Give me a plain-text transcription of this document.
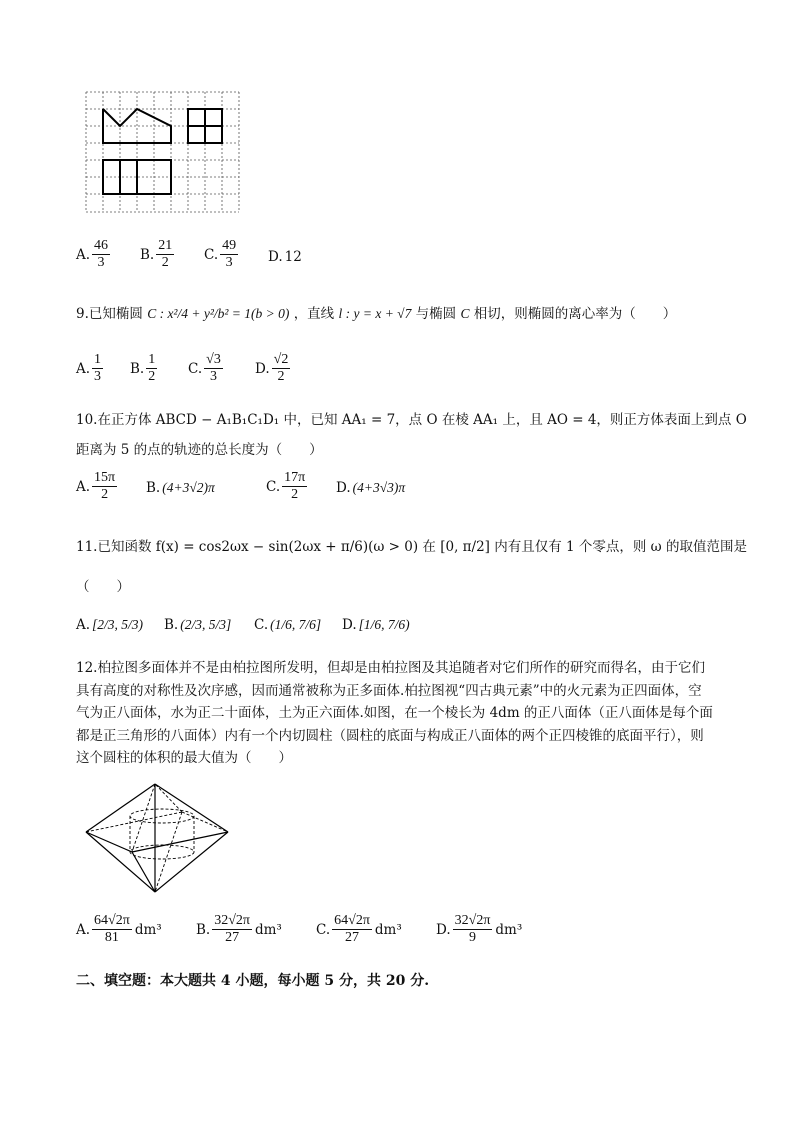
A. $\frac{46}{3} B$. $\frac{21}{2} C$. $\frac{49}{3} D$. 12
9.已知椭圆 C : x²/4 + y²/b² = 1(b > 0) ，直线 l : y = x + √7 与椭圆 C 相切，则椭圆的离心率为（　　）
A. $\frac{1}{3} B$. $\frac{1}{2} C$. $\frac{√3}{3} D$. $\frac{√2}{2}$
10.在正方体 ABCD − A₁B₁C₁D₁ 中，已知 AA₁ = 7，点 O 在棱 AA₁ 上，且 AO = 4，则正方体表面上到点 O
距离为 5 的点的轨迹的总长度为（　　）
A. $\frac{15\pi}{2} B$. (4+3√2)π	C. $\frac{17\pi}{2} D$. (4+3√3)π
11.已知函数 f(x) = cos2ωx − sin(2ωx + π/6)(ω > 0) 在 [0, π/2] 内有且仅有 1 个零点，则 ω 的取值范围是
（　　）
A. [2/3, 5/3) B. (2/3, 5/3] C. (1/6, 7/6] D. [1/6, 7/6)
12.柏拉图多面体并不是由柏拉图所发明，但却是由柏拉图及其追随者对它们所作的研究而得名，由于它们
具有高度的对称性及次序感，因而通常被称为正多面体.柏拉图视“四古典元素”中的火元素为正四面体，空
气为正八面体，水为正二十面体，土为正六面体.如图，在一个棱长为 4dm 的正八面体（正八面体是每个面
都是正三角形的八面体）内有一个内切圆柱（圆柱的底面与构成正八面体的两个正四棱锥的底面平行），则
这个圆柱的体积的最大值为（　　）
A. $\frac{64√2\pi}{81} dm^3$	B. $\frac{32√2\pi}{27} dm^3$	C. $\frac{64√2\pi}{27} dm^3$	D. $\frac{32√2\pi}{9} dm^3$
二、填空题：本大题共 4 小题，每小题 5 分，共 20 分.
